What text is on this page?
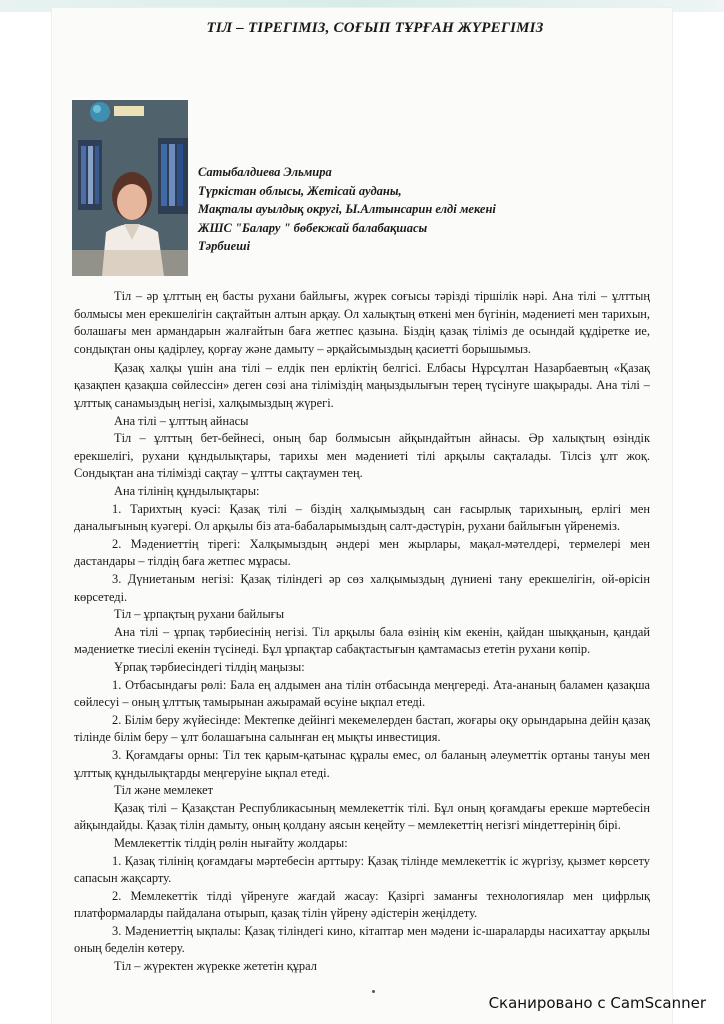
ТІЛ – ТІРЕГІМІЗ, СОҒЫП ТҰРҒАН ЖҮРЕГІМІЗ
Сатыбалдиева Эльмира
Түркістан облысы, Жетісай ауданы,
Мақталы ауылдық округі, Ы.Алтынсарин елді мекені
ЖШС "Балару " бөбекжай балабақшасы
Тәрбиеші

Тіл – әр ұлттың ең басты рухани байлығы, жүрек соғысы тәрізді тіршілік нәрі. Ана тілі – ұлттың болмысы мен ерекшелігін сақтайтын алтын арқау. Ол халықтың өткені мен бүгінін, мәдениеті мен тарихын, болашағы мен армандарын жалғайтын баға жетпес қазына. Біздің қазақ тіліміз де осындай құдіретке ие, сондықтан оны қадірлеу, қорғау және дамыту – әрқайсымыздың қасиетті борышымыз.

Қазақ халқы үшін ана тілі – елдік пен ерліктің белгісі. Елбасы Нұрсұлтан Назарбаевтың «Қазақ қазақпен қазақша сөйлессін» деген сөзі ана тіліміздің маңыздылығын терең түсінуге шақырады. Ана тілі – ұлттық санамыздың негізі, халқымыздың жүрегі.

Ана тілі – ұлттың айнасы

Тіл – ұлттың бет-бейнесі, оның бар болмысын айқындайтын айнасы. Әр халықтың өзіндік ерекшелігі, рухани құндылықтары, тарихы мен мәдениеті тілі арқылы сақталады. Тілсіз ұлт жоқ. Сондықтан ана тілімізді сақтау – ұлтты сақтаумен тең.

Ана тілінің құндылықтары:

1. Тарихтың куәсі: Қазақ тілі – біздің халқымыздың сан ғасырлық тарихының, ерлігі мен даналығының куәгері. Ол арқылы біз ата-бабаларымыздың салт-дәстүрін, рухани байлығын үйренеміз.

2. Мәдениеттің тірегі: Халқымыздың әндері мен жырлары, мақал-мәтелдері, термелері мен дастандары – тілдің баға жетпес мұрасы.

3. Дүниетаным негізі: Қазақ тіліндегі әр сөз халқымыздың дүниені тану ерекшелігін, ой-өрісін көрсетеді.

Тіл – ұрпақтың рухани байлығы

Ана тілі – ұрпақ тәрбиесінің негізі. Тіл арқылы бала өзінің кім екенін, қайдан шыққанын, қандай мәдениетке тиесілі екенін түсінеді. Бұл ұрпақтар сабақтастығын қамтамасыз ететін рухани көпір.

Ұрпақ тәрбиесіндегі тілдің маңызы:

1. Отбасындағы рөлі: Бала ең алдымен ана тілін отбасында меңгереді. Ата-ананың баламен қазақша сөйлесуі – оның ұлттық тамырынан ажырамай өсуіне ықпал етеді.

2. Білім беру жүйесінде: Мектепке дейінгі мекемелерден бастап, жоғары оқу орындарына дейін қазақ тілінде білім беру – ұлт болашағына салынған ең мықты инвестиция.

3. Қоғамдағы орны: Тіл тек қарым-қатынас құралы емес, ол баланың әлеуметтік ортаны тануы мен ұлттық құндылықтарды меңгеруіне ықпал етеді.

Тіл және мемлекет

Қазақ тілі – Қазақстан Республикасының мемлекеттік тілі. Бұл оның қоғамдағы ерекше мәртебесін айқындайды. Қазақ тілін дамыту, оның қолдану аясын кеңейту – мемлекеттің негізгі міндеттерінің бірі.

Мемлекеттік тілдің рөлін нығайту жолдары:

1. Қазақ тілінің қоғамдағы мәртебесін арттыру: Қазақ тілінде мемлекеттік іс жүргізу, қызмет көрсету сапасын жақсарту.

2. Мемлекеттік тілді үйренуге жағдай жасау: Қазіргі заманғы технологиялар мен цифрлық платформаларды пайдалана отырып, қазақ тілін үйрену әдістерін жеңілдету.

3. Мәдениеттің ықпалы: Қазақ тіліндегі кино, кітаптар мен мәдени іс-шараларды насихаттау арқылы оның беделін көтеру.

Тіл – жүректен жүрекке жететін құрал

Сканировано с CamScanner
